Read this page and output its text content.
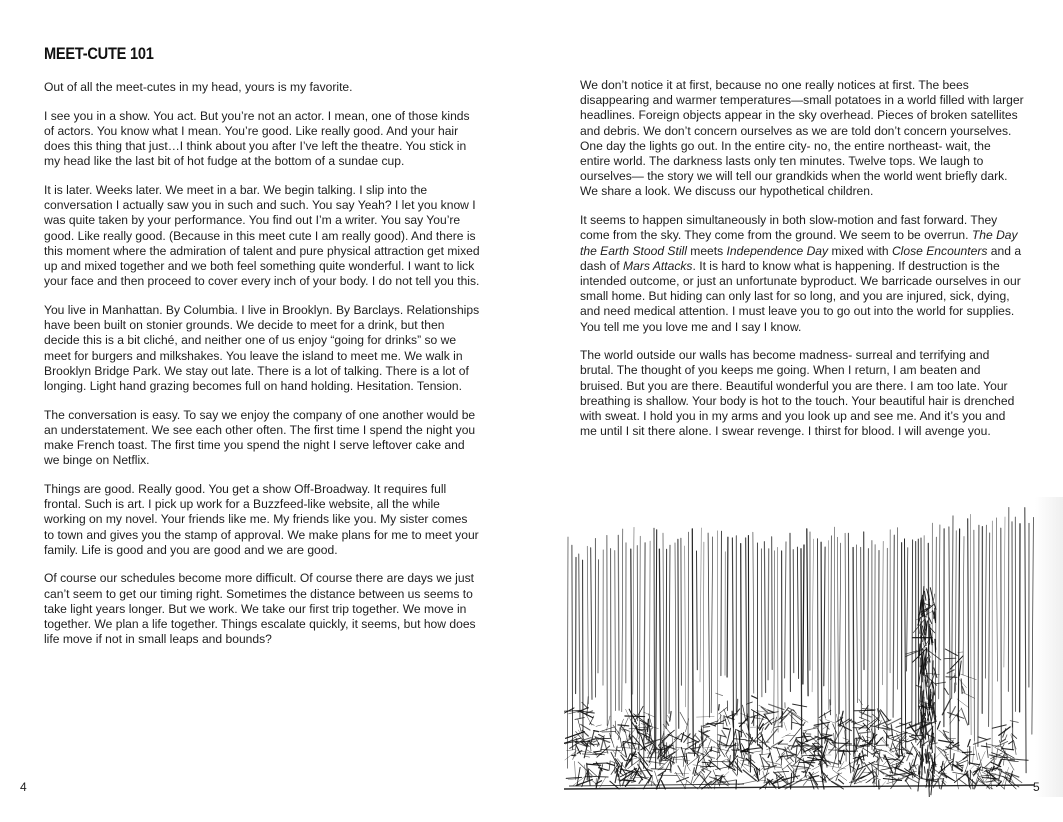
MEET-CUTE 101

Out of all the meet-cutes in my head, yours is my favorite.

I see you in a show. You act. But you’re not an actor. I mean, one of those kinds of actors. You know what I mean. You’re good. Like really good. And your hair does this thing that just…I think about you after I’ve left the theatre. You stick in my head like the last bit of hot fudge at the bottom of a sundae cup.

It is later. Weeks later. We meet in a bar. We begin talking. I slip into the conversation I actually saw you in such and such. You say Yeah? I let you know I was quite taken by your performance. You find out I’m a writer. You say You’re good. Like really good. (Because in this meet cute I am really good). And there is this moment where the admiration of talent and pure physical attraction get mixed up and mixed together and we both feel something quite wonderful. I want to lick your face and then proceed to cover every inch of your body. I do not tell you this.

You live in Manhattan. By Columbia. I live in Brooklyn. By Barclays. Relationships have been built on stonier grounds. We decide to meet for a drink, but then decide this is a bit cliché, and neither one of us enjoy “going for drinks” so we meet for burgers and milkshakes. You leave the island to meet me. We walk in Brooklyn Bridge Park. We stay out late. There is a lot of talking. There is a lot of longing. Light hand grazing becomes full on hand holding. Hesitation. Tension.

The conversation is easy. To say we enjoy the company of one another would be an understatement. We see each other often. The first time I spend the night you make French toast. The first time you spend the night I serve leftover cake and we binge on Netflix.

Things are good. Really good. You get a show Off-Broadway. It requires full frontal. Such is art. I pick up work for a Buzzfeed-like website, all the while working on my novel. Your friends like me. My friends like you. My sister comes to town and gives you the stamp of approval. We make plans for me to meet your family. Life is good and you are good and we are good.

Of course our schedules become more difficult. Of course there are days we just can’t seem to get our timing right. Sometimes the distance between us seems to take light years longer. But we work. We take our first trip together. We move in together. We plan a life together. Things escalate quickly, it seems, but how does life move if not in small leaps and bounds?

4

We don’t notice it at first, because no one really notices at first. The bees disappearing and warmer temperatures—small potatoes in a world filled with larger headlines. Foreign objects appear in the sky overhead. Pieces of broken satellites and debris. We don’t concern ourselves as we are told don’t concern yourselves. One day the lights go out. In the entire city- no, the entire northeast- wait, the entire world. The darkness lasts only ten minutes. Twelve tops. We laugh to ourselves— the story we will tell our grandkids when the world went briefly dark. We share a look. We discuss our hypothetical children.

It seems to happen simultaneously in both slow-motion and fast forward. They come from the sky. They come from the ground. We seem to be overrun. The Day the Earth Stood Still meets Independence Day mixed with Close Encounters and a dash of Mars Attacks. It is hard to know what is happening. If destruction is the intended outcome, or just an unfortunate byproduct. We barricade ourselves in our small home. But hiding can only last for so long, and you are injured, sick, dying, and need medical attention. I must leave you to go out into the world for supplies. You tell me you love me and I say I know.

The world outside our walls has become madness- surreal and terrifying and brutal. The thought of you keeps me going. When I return, I am beaten and bruised. But you are there. Beautiful wonderful you are there. I am too late. Your breathing is shallow. Your body is hot to the touch. Your beautiful hair is drenched with sweat. I hold you in my arms and you look up and see me. And it’s you and me until I sit there alone. I swear revenge. I thirst for blood. I will avenge you.

5
